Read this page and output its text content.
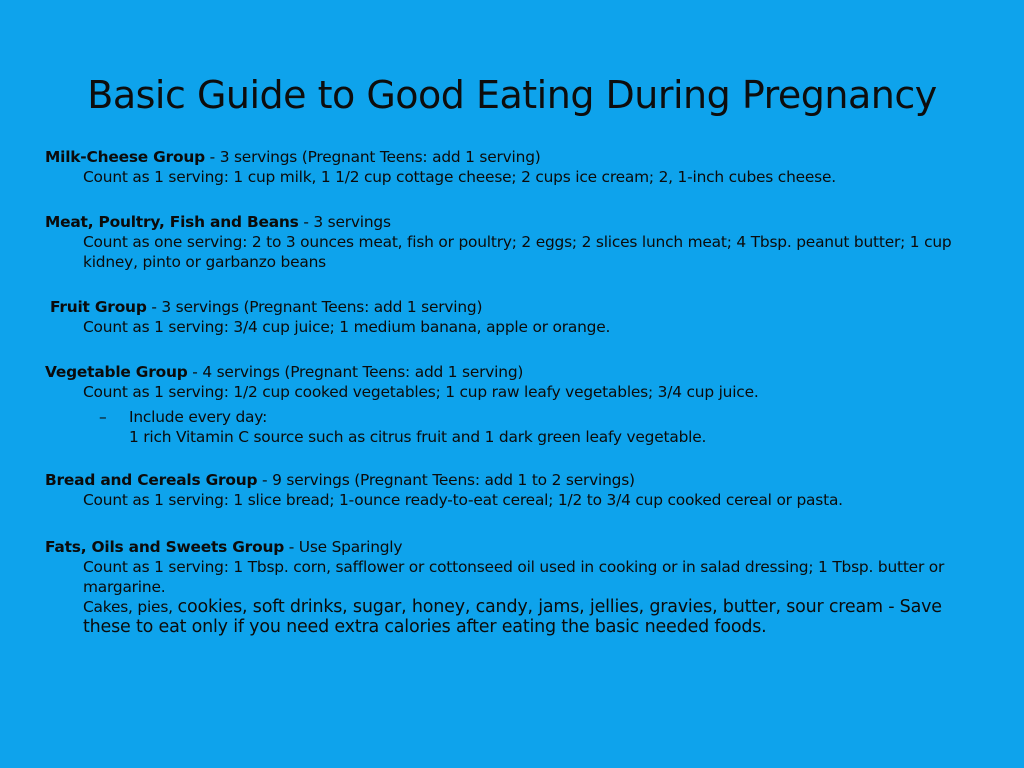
Basic Guide to Good Eating During Pregnancy
Milk-Cheese Group - 3 servings (Pregnant Teens: add 1 serving)
Count as 1 serving: 1 cup milk, 1 1/2 cup cottage cheese; 2 cups ice cream; 2, 1-inch cubes cheese.
Meat, Poultry, Fish and Beans - 3 servings
Count as one serving: 2 to 3 ounces meat, fish or poultry; 2 eggs; 2 slices lunch meat; 4 Tbsp. peanut butter; 1 cup kidney, pinto or garbanzo beans
Fruit Group - 3 servings (Pregnant Teens: add 1 serving)
Count as 1 serving: 3/4 cup juice; 1 medium banana, apple or orange.
Vegetable Group - 4 servings (Pregnant Teens: add 1 serving)
Count as 1 serving: 1/2 cup cooked vegetables; 1 cup raw leafy vegetables; 3/4 cup juice.
– Include every day:
1 rich Vitamin C source such as citrus fruit and 1 dark green leafy vegetable.
Bread and Cereals Group - 9 servings (Pregnant Teens: add 1 to 2 servings)
Count as 1 serving: 1 slice bread; 1-ounce ready-to-eat cereal; 1/2 to 3/4 cup cooked cereal or pasta.
Fats, Oils and Sweets Group - Use Sparingly
Count as 1 serving: 1 Tbsp. corn, safflower or cottonseed oil used in cooking or in salad dressing; 1 Tbsp. butter or margarine.
Cakes, pies, cookies, soft drinks, sugar, honey, candy, jams, jellies, gravies, butter, sour cream - Save these to eat only if you need extra calories after eating the basic needed foods.
